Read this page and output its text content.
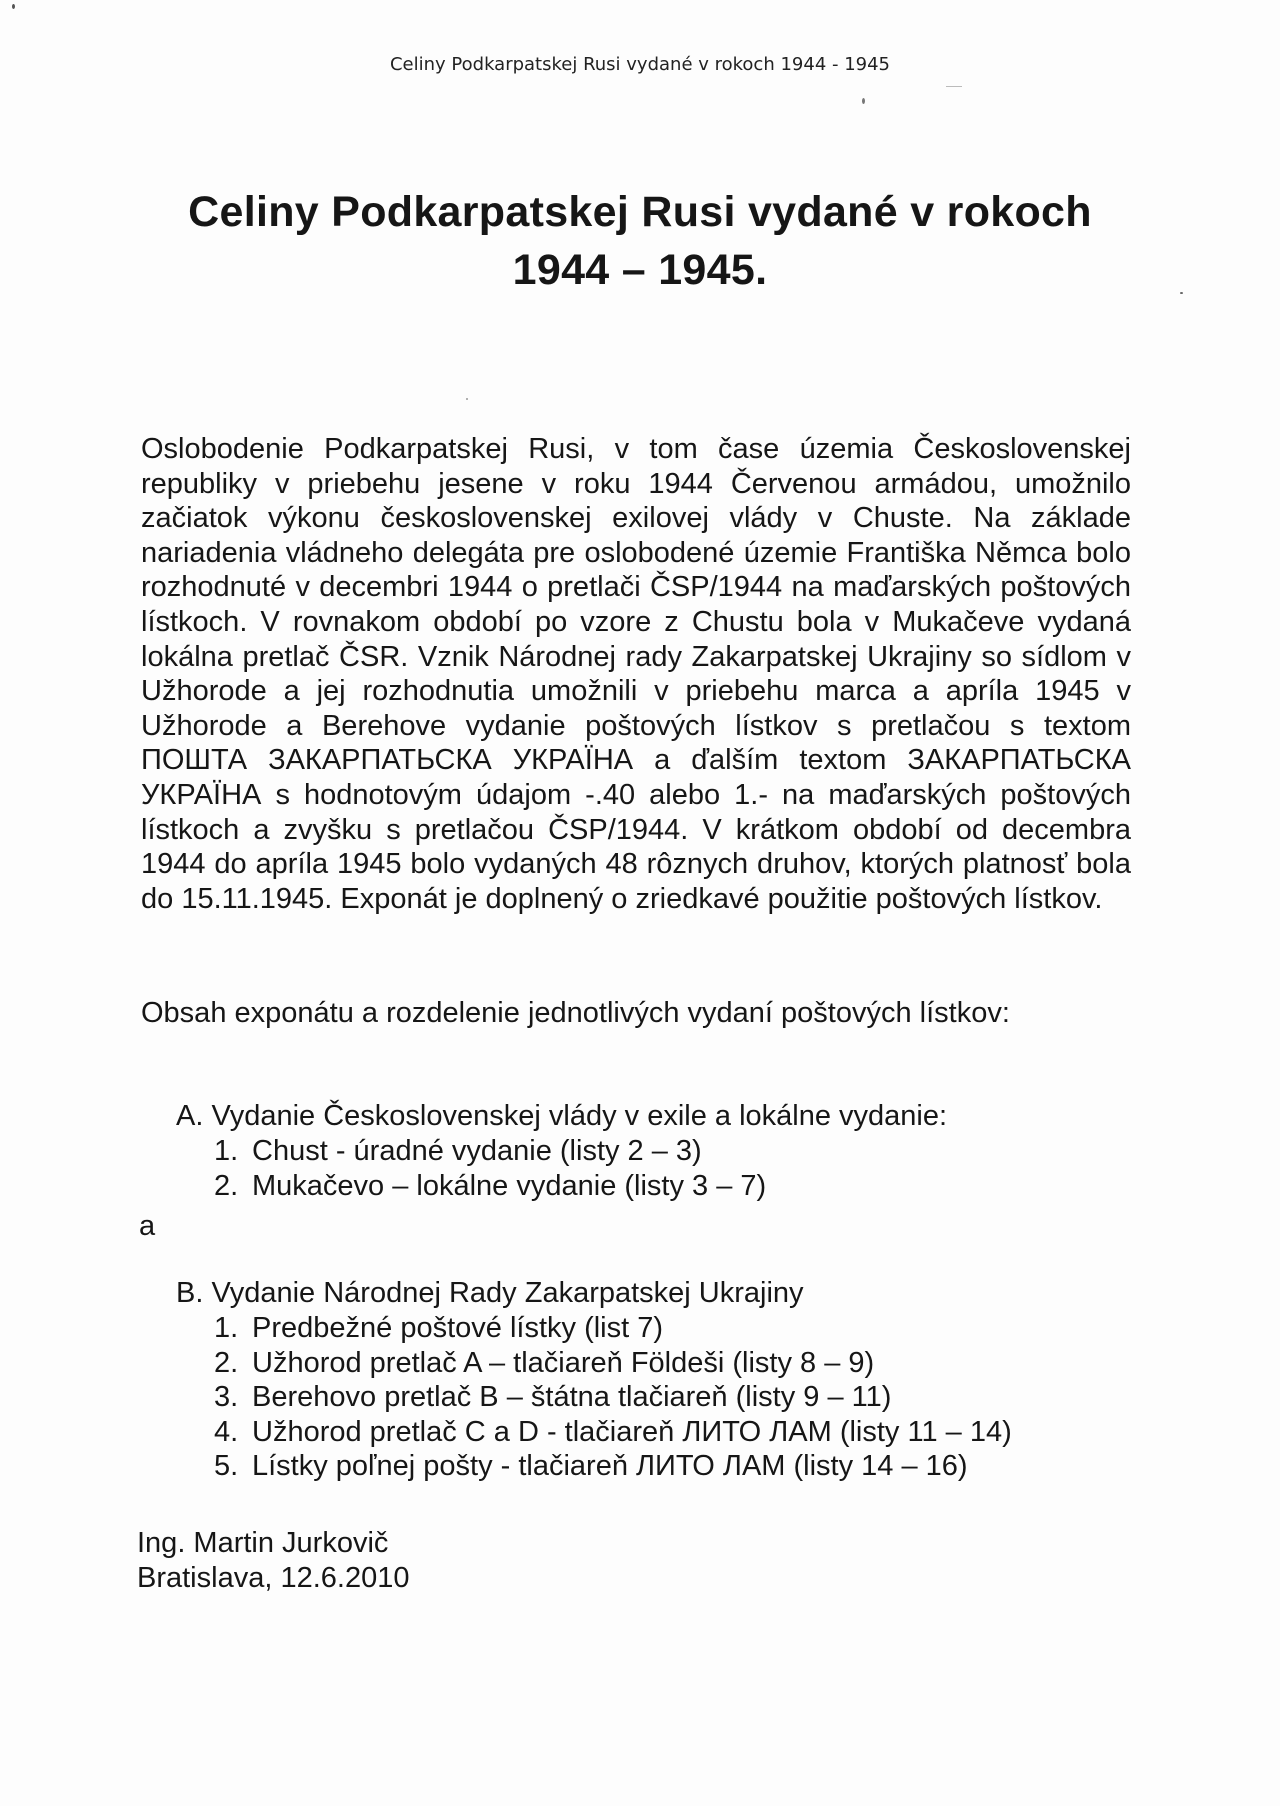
Celiny Podkarpatskej Rusi vydané v rokoch 1944 - 1945
Celiny Podkarpatskej Rusi vydané v rokoch
1944 – 1945.

Oslobodenie Podkarpatskej Rusi, v tom čase územia Československej republiky v priebehu jesene v roku 1944 Červenou armádou, umožnilo začiatok výkonu československej exilovej vlády v Chuste. Na základe nariadenia vládneho delegáta pre oslobodené územie Františka Němca bolo rozhodnuté v decembri 1944 o pretlači ČSP/1944 na maďarských poštových lístkoch. V rovnakom období po vzore z Chustu bola v Mukačeve vydaná lokálna pretlač ČSR. Vznik Národnej rady Zakarpatskej Ukrajiny so sídlom v Užhorode a jej rozhodnutia umožnili v priebehu marca a apríla 1945 v Užhorode a Berehove vydanie poštových lístkov s pretlačou s textom ПОШТА ЗАКАРПАТЬСКА УКРАЇНА a ďalším textom ЗАКАРПАТЬСКА УКРАЇНА s hodnotovým údajom -.40 alebo 1.- na maďarských poštových lístkoch a zvyšku s pretlačou ČSP/1944. V krátkom období od decembra 1944 do apríla 1945 bolo vydaných 48 rôznych druhov, ktorých platnosť bola do 15.11.1945. Exponát je doplnený o zriedkavé použitie poštových lístkov.

Obsah exponátu a rozdelenie jednotlivých vydaní poštových lístkov:

A. Vydanie Československej vlády v exile a lokálne vydanie:
1. Chust - úradné vydanie (listy 2 – 3)
2. Mukačevo – lokálne vydanie (listy 3 – 7)
a
B. Vydanie Národnej Rady Zakarpatskej Ukrajiny
1. Predbežné poštové lístky (list 7)
2. Užhorod pretlač A – tlačiareň Földeši (listy 8 – 9)
3. Berehovo pretlač B – štátna tlačiareň (listy 9 – 11)
4. Užhorod pretlač C a D - tlačiareň ЛИТО ЛАМ (listy 11 – 14)
5. Lístky poľnej pošty - tlačiareň ЛИТО ЛАМ (listy 14 – 16)
Ing. Martin Jurkovič
Bratislava, 12.6.2010
